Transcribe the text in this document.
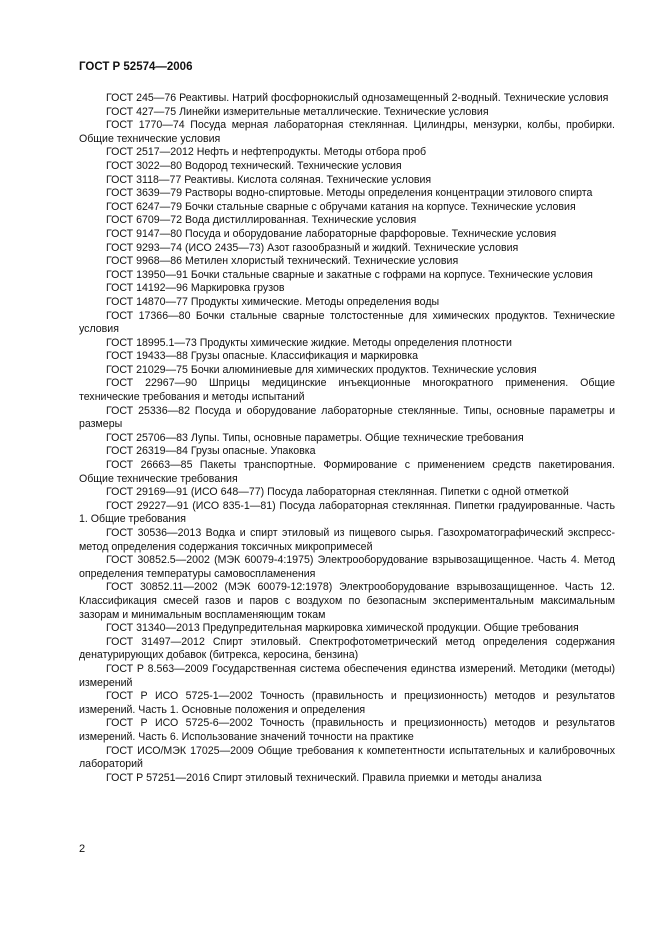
ГОСТ Р 52574—2006

ГОСТ 245—76 Реактивы. Натрий фосфорнокислый однозамещенный 2-водный. Технические условия

ГОСТ 427—75 Линейки измерительные металлические. Технические условия

ГОСТ 1770—74 Посуда мерная лабораторная стеклянная. Цилиндры, мензурки, колбы, пробирки. Общие технические условия

ГОСТ 2517—2012 Нефть и нефтепродукты. Методы отбора проб

ГОСТ 3022—80 Водород технический. Технические условия

ГОСТ 3118—77 Реактивы. Кислота соляная. Технические условия

ГОСТ 3639—79 Растворы водно-спиртовые. Методы определения концентрации этилового спирта

ГОСТ 6247—79 Бочки стальные сварные с обручами катания на корпусе. Технические условия

ГОСТ 6709—72 Вода дистиллированная. Технические условия

ГОСТ 9147—80 Посуда и оборудование лабораторные фарфоровые. Технические условия

ГОСТ 9293—74 (ИСО 2435—73) Азот газообразный и жидкий. Технические условия

ГОСТ 9968—86 Метилен хлористый технический. Технические условия

ГОСТ 13950—91 Бочки стальные сварные и закатные с гофрами на корпусе. Технические условия

ГОСТ 14192—96 Маркировка грузов

ГОСТ 14870—77 Продукты химические. Методы определения воды

ГОСТ 17366—80 Бочки стальные сварные толстостенные для химических продуктов. Технические условия

ГОСТ 18995.1—73 Продукты химические жидкие. Методы определения плотности

ГОСТ 19433—88 Грузы опасные. Классификация и маркировка

ГОСТ 21029—75 Бочки алюминиевые для химических продуктов. Технические условия

ГОСТ 22967—90 Шприцы медицинские инъекционные многократного применения. Общие технические требования и методы испытаний

ГОСТ 25336—82 Посуда и оборудование лабораторные стеклянные. Типы, основные параметры и размеры

ГОСТ 25706—83 Лупы. Типы, основные параметры. Общие технические требования

ГОСТ 26319—84 Грузы опасные. Упаковка

ГОСТ 26663—85 Пакеты транспортные. Формирование с применением средств пакетирования. Общие технические требования

ГОСТ 29169—91 (ИСО 648—77) Посуда лабораторная стеклянная. Пипетки с одной отметкой

ГОСТ 29227—91 (ИСО 835-1—81) Посуда лабораторная стеклянная. Пипетки градуированные. Часть 1. Общие требования

ГОСТ 30536—2013 Водка и спирт этиловый из пищевого сырья. Газохроматографический экспресс-метод определения содержания токсичных микропримесей

ГОСТ 30852.5—2002 (МЭК 60079-4:1975) Электрооборудование взрывозащищенное. Часть 4. Метод определения температуры самовоспламенения

ГОСТ 30852.11—2002 (МЭК 60079-12:1978) Электрооборудование взрывозащищенное. Часть 12. Классификация смесей газов и паров с воздухом по безопасным экспериментальным максимальным зазорам и минимальным воспламеняющим токам

ГОСТ 31340—2013 Предупредительная маркировка химической продукции. Общие требования

ГОСТ 31497—2012 Спирт этиловый. Спектрофотометрический метод определения содержания денатурирующих добавок (битрекса, керосина, бензина)

ГОСТ Р 8.563—2009 Государственная система обеспечения единства измерений. Методики (методы) измерений

ГОСТ Р ИСО 5725-1—2002 Точность (правильность и прецизионность) методов и результатов измерений. Часть 1. Основные положения и определения

ГОСТ Р ИСО 5725-6—2002 Точность (правильность и прецизионность) методов и результатов измерений. Часть 6. Использование значений точности на практике

ГОСТ ИСО/МЭК 17025—2009 Общие требования к компетентности испытательных и калибровочных лабораторий

ГОСТ Р 57251—2016 Спирт этиловый технический. Правила приемки и методы анализа

2
